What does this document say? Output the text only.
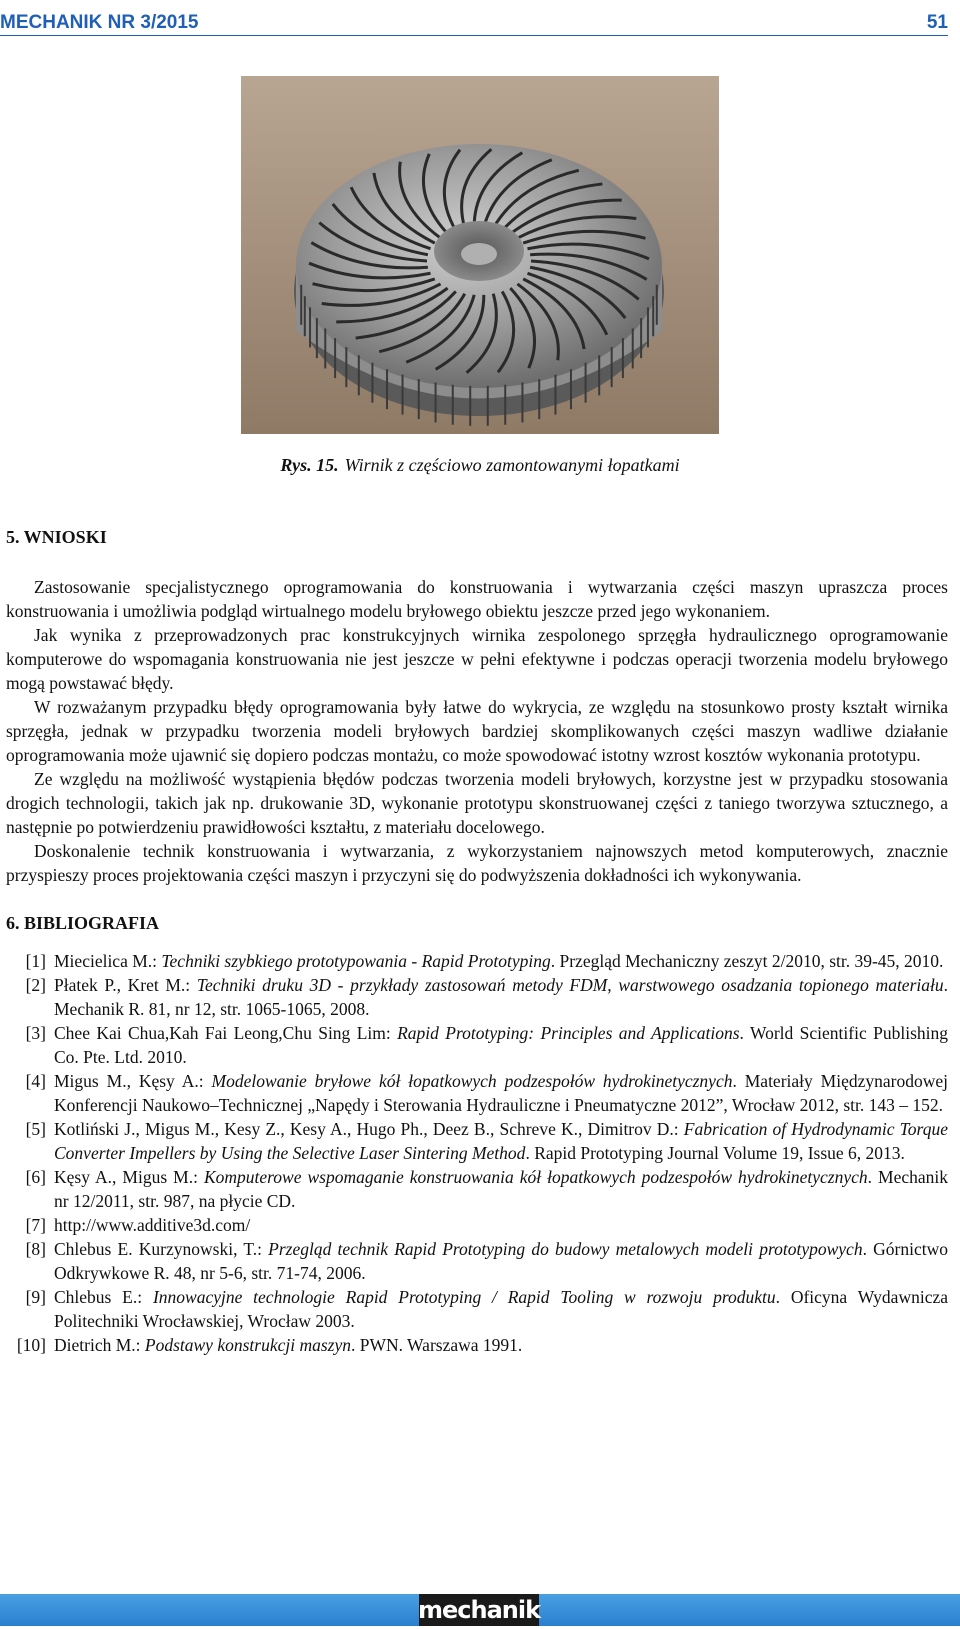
MECHANIK NR 3/2015	51
Rys. 15. Wirnik z częściowo zamontowanymi łopatkami
5. WNIOSKI

Zastosowanie specjalistycznego oprogramowania do konstruowania i wytwarzania części maszyn upraszcza proces konstruowania i umożliwia podgląd wirtualnego modelu bryłowego obiektu jeszcze przed jego wykonaniem.

Jak wynika z przeprowadzonych prac konstrukcyjnych wirnika zespolonego sprzęgła hydraulicznego oprogramowanie komputerowe do wspomagania konstruowania nie jest jeszcze w pełni efektywne i podczas operacji tworzenia modelu bryłowego mogą powstawać błędy.

W rozważanym przypadku błędy oprogramowania były łatwe do wykrycia, ze względu na stosunkowo prosty kształt wirnika sprzęgła, jednak w przypadku tworzenia modeli bryłowych bardziej skomplikowanych części maszyn wadliwe działanie oprogramowania może ujawnić się dopiero podczas montażu, co może spowodować istotny wzrost kosztów wykonania prototypu.

Ze względu na możliwość wystąpienia błędów podczas tworzenia modeli bryłowych, korzystne jest w przypadku stosowania drogich technologii, takich jak np. drukowanie 3D, wykonanie prototypu skonstruowanej części z taniego tworzywa sztucznego, a następnie po potwierdzeniu prawidłowości kształtu, z materiału docelowego.

Doskonalenie technik konstruowania i wytwarzania, z wykorzystaniem najnowszych metod komputerowych, znacznie przyspieszy proces projektowania części maszyn i przyczyni się do podwyższenia dokładności ich wykonywania.

6. BIBLIOGRAFIA
[1] Miecielica M.: Techniki szybkiego prototypowania - Rapid Prototyping. Przegląd Mechaniczny zeszyt 2/2010, str. 39-45, 2010.
[2] Płatek P., Kret M.: Techniki druku 3D - przykłady zastosowań metody FDM, warstwowego osadzania topionego materiału. Mechanik R. 81, nr 12, str. 1065-1065, 2008.
[3] Chee Kai Chua,Kah Fai Leong,Chu Sing Lim: Rapid Prototyping: Principles and Applications. World Scientific Publishing Co. Pte. Ltd. 2010.
[4] Migus M., Kęsy A.: Modelowanie bryłowe kół łopatkowych podzespołów hydrokinetycznych. Materiały Międzynarodowej Konferencji Naukowo–Technicznej „Napędy i Sterowania Hydrauliczne i Pneumatyczne 2012”, Wrocław 2012, str. 143 – 152.
[5] Kotliński J., Migus M., Kesy Z., Kesy A., Hugo Ph., Deez B., Schreve K., Dimitrov D.: Fabrication of Hydrodynamic Torque Converter Impellers by Using the Selective Laser Sintering Method. Rapid Prototyping Journal Volume 19, Issue 6, 2013.
[6] Kęsy A., Migus M.: Komputerowe wspomaganie konstruowania kół łopatkowych podzespołów hydrokinetycznych. Mechanik nr 12/2011, str. 987, na płycie CD.
[7] http://www.additive3d.com/
[8] Chlebus E. Kurzynowski, T.: Przegląd technik Rapid Prototyping do budowy metalowych modeli prototypowych. Górnictwo Odkrywkowe R. 48, nr 5-6, str. 71-74, 2006.
[9] Chlebus E.: Innowacyjne technologie Rapid Prototyping / Rapid Tooling w rozwoju produktu. Oficyna Wydawnicza Politechniki Wrocławskiej, Wrocław 2003.
[10] Dietrich M.: Podstawy konstrukcji maszyn. PWN. Warszawa 1991.
mechanik
